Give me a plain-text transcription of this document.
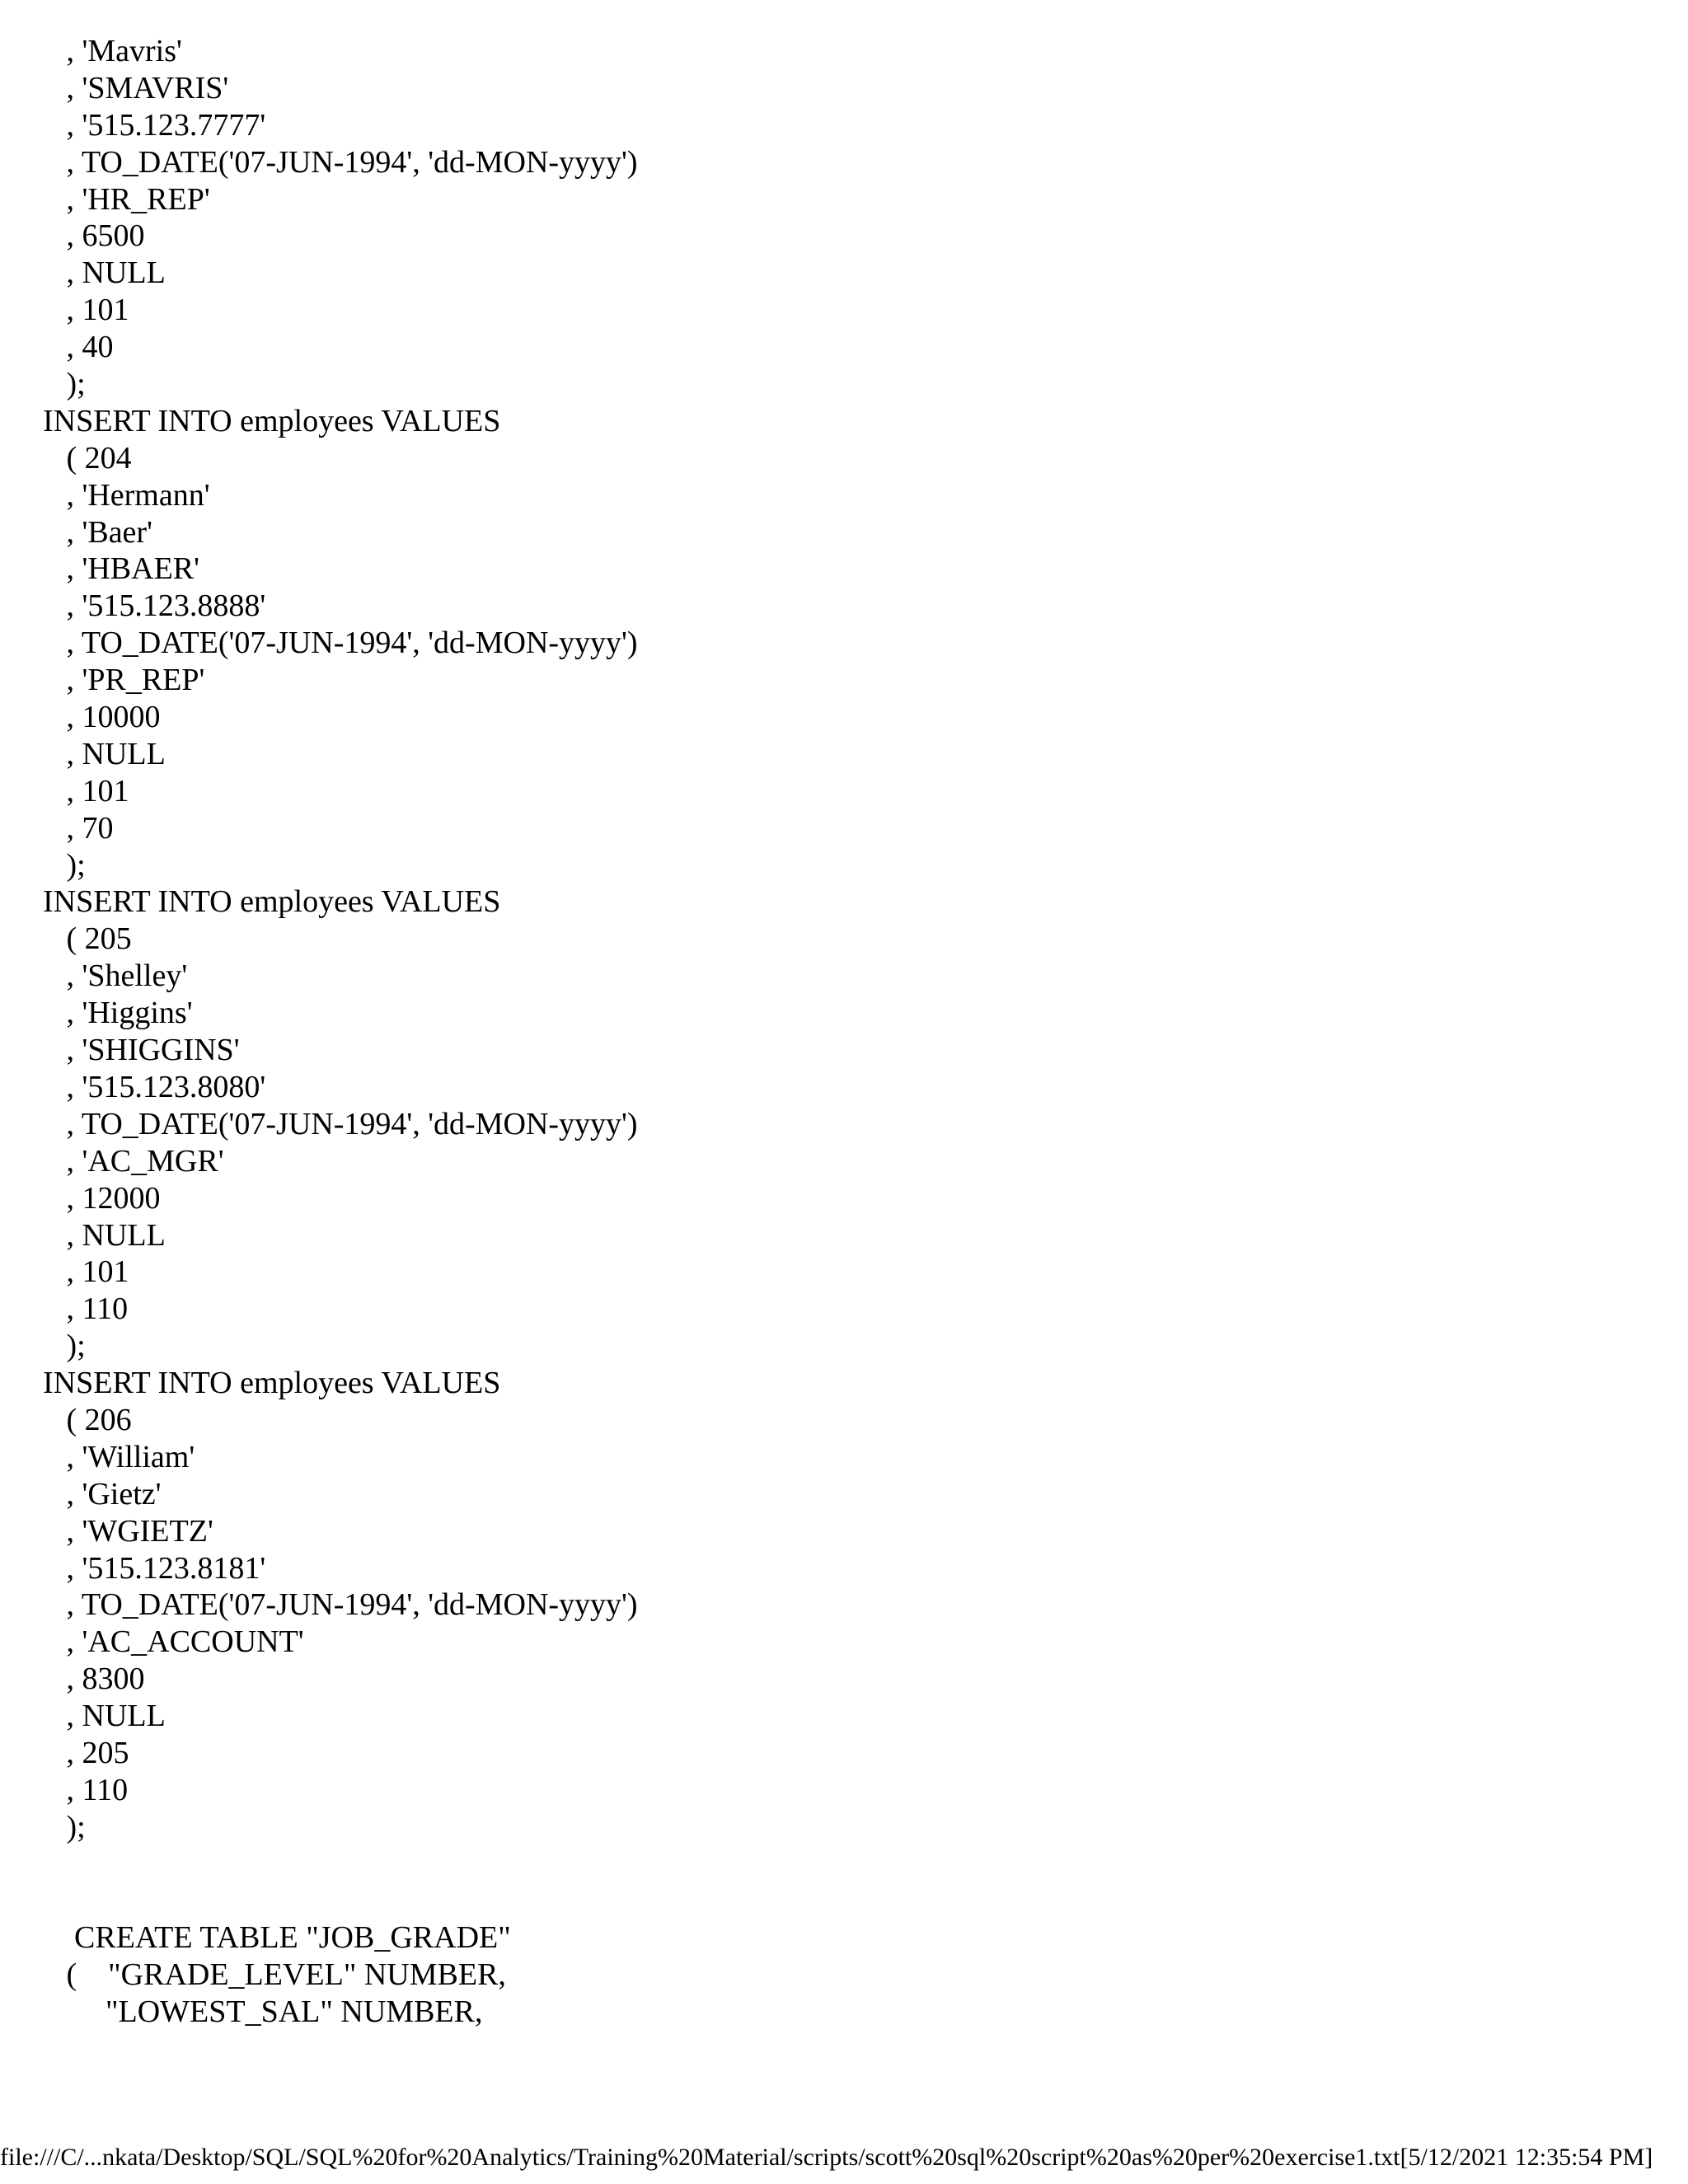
, 'Mavris'
, 'SMAVRIS'
, '515.123.7777'
, TO_DATE('07-JUN-1994', 'dd-MON-yyyy')
, 'HR_REP'
, 6500
, NULL
, 101
, 40
);
INSERT INTO employees VALUES
( 204
, 'Hermann'
, 'Baer'
, 'HBAER'
, '515.123.8888'
, TO_DATE('07-JUN-1994', 'dd-MON-yyyy')
, 'PR_REP'
, 10000
, NULL
, 101
, 70
);
INSERT INTO employees VALUES
( 205
, 'Shelley'
, 'Higgins'
, 'SHIGGINS'
, '515.123.8080'
, TO_DATE('07-JUN-1994', 'dd-MON-yyyy')
, 'AC_MGR'
, 12000
, NULL
, 101
, 110
);
INSERT INTO employees VALUES
( 206
, 'William'
, 'Gietz'
, 'WGIETZ'
, '515.123.8181'
, TO_DATE('07-JUN-1994', 'dd-MON-yyyy')
, 'AC_ACCOUNT'
, 8300
, NULL
, 205
, 110
);
CREATE TABLE "JOB_GRADE"
(    "GRADE_LEVEL" NUMBER,
"LOWEST_SAL" NUMBER,
file:///C/...nkata/Desktop/SQL/SQL%20for%20Analytics/Training%20Material/scripts/scott%20sql%20script%20as%20per%20exercise1.txt[5/12/2021 12:35:54 PM]
